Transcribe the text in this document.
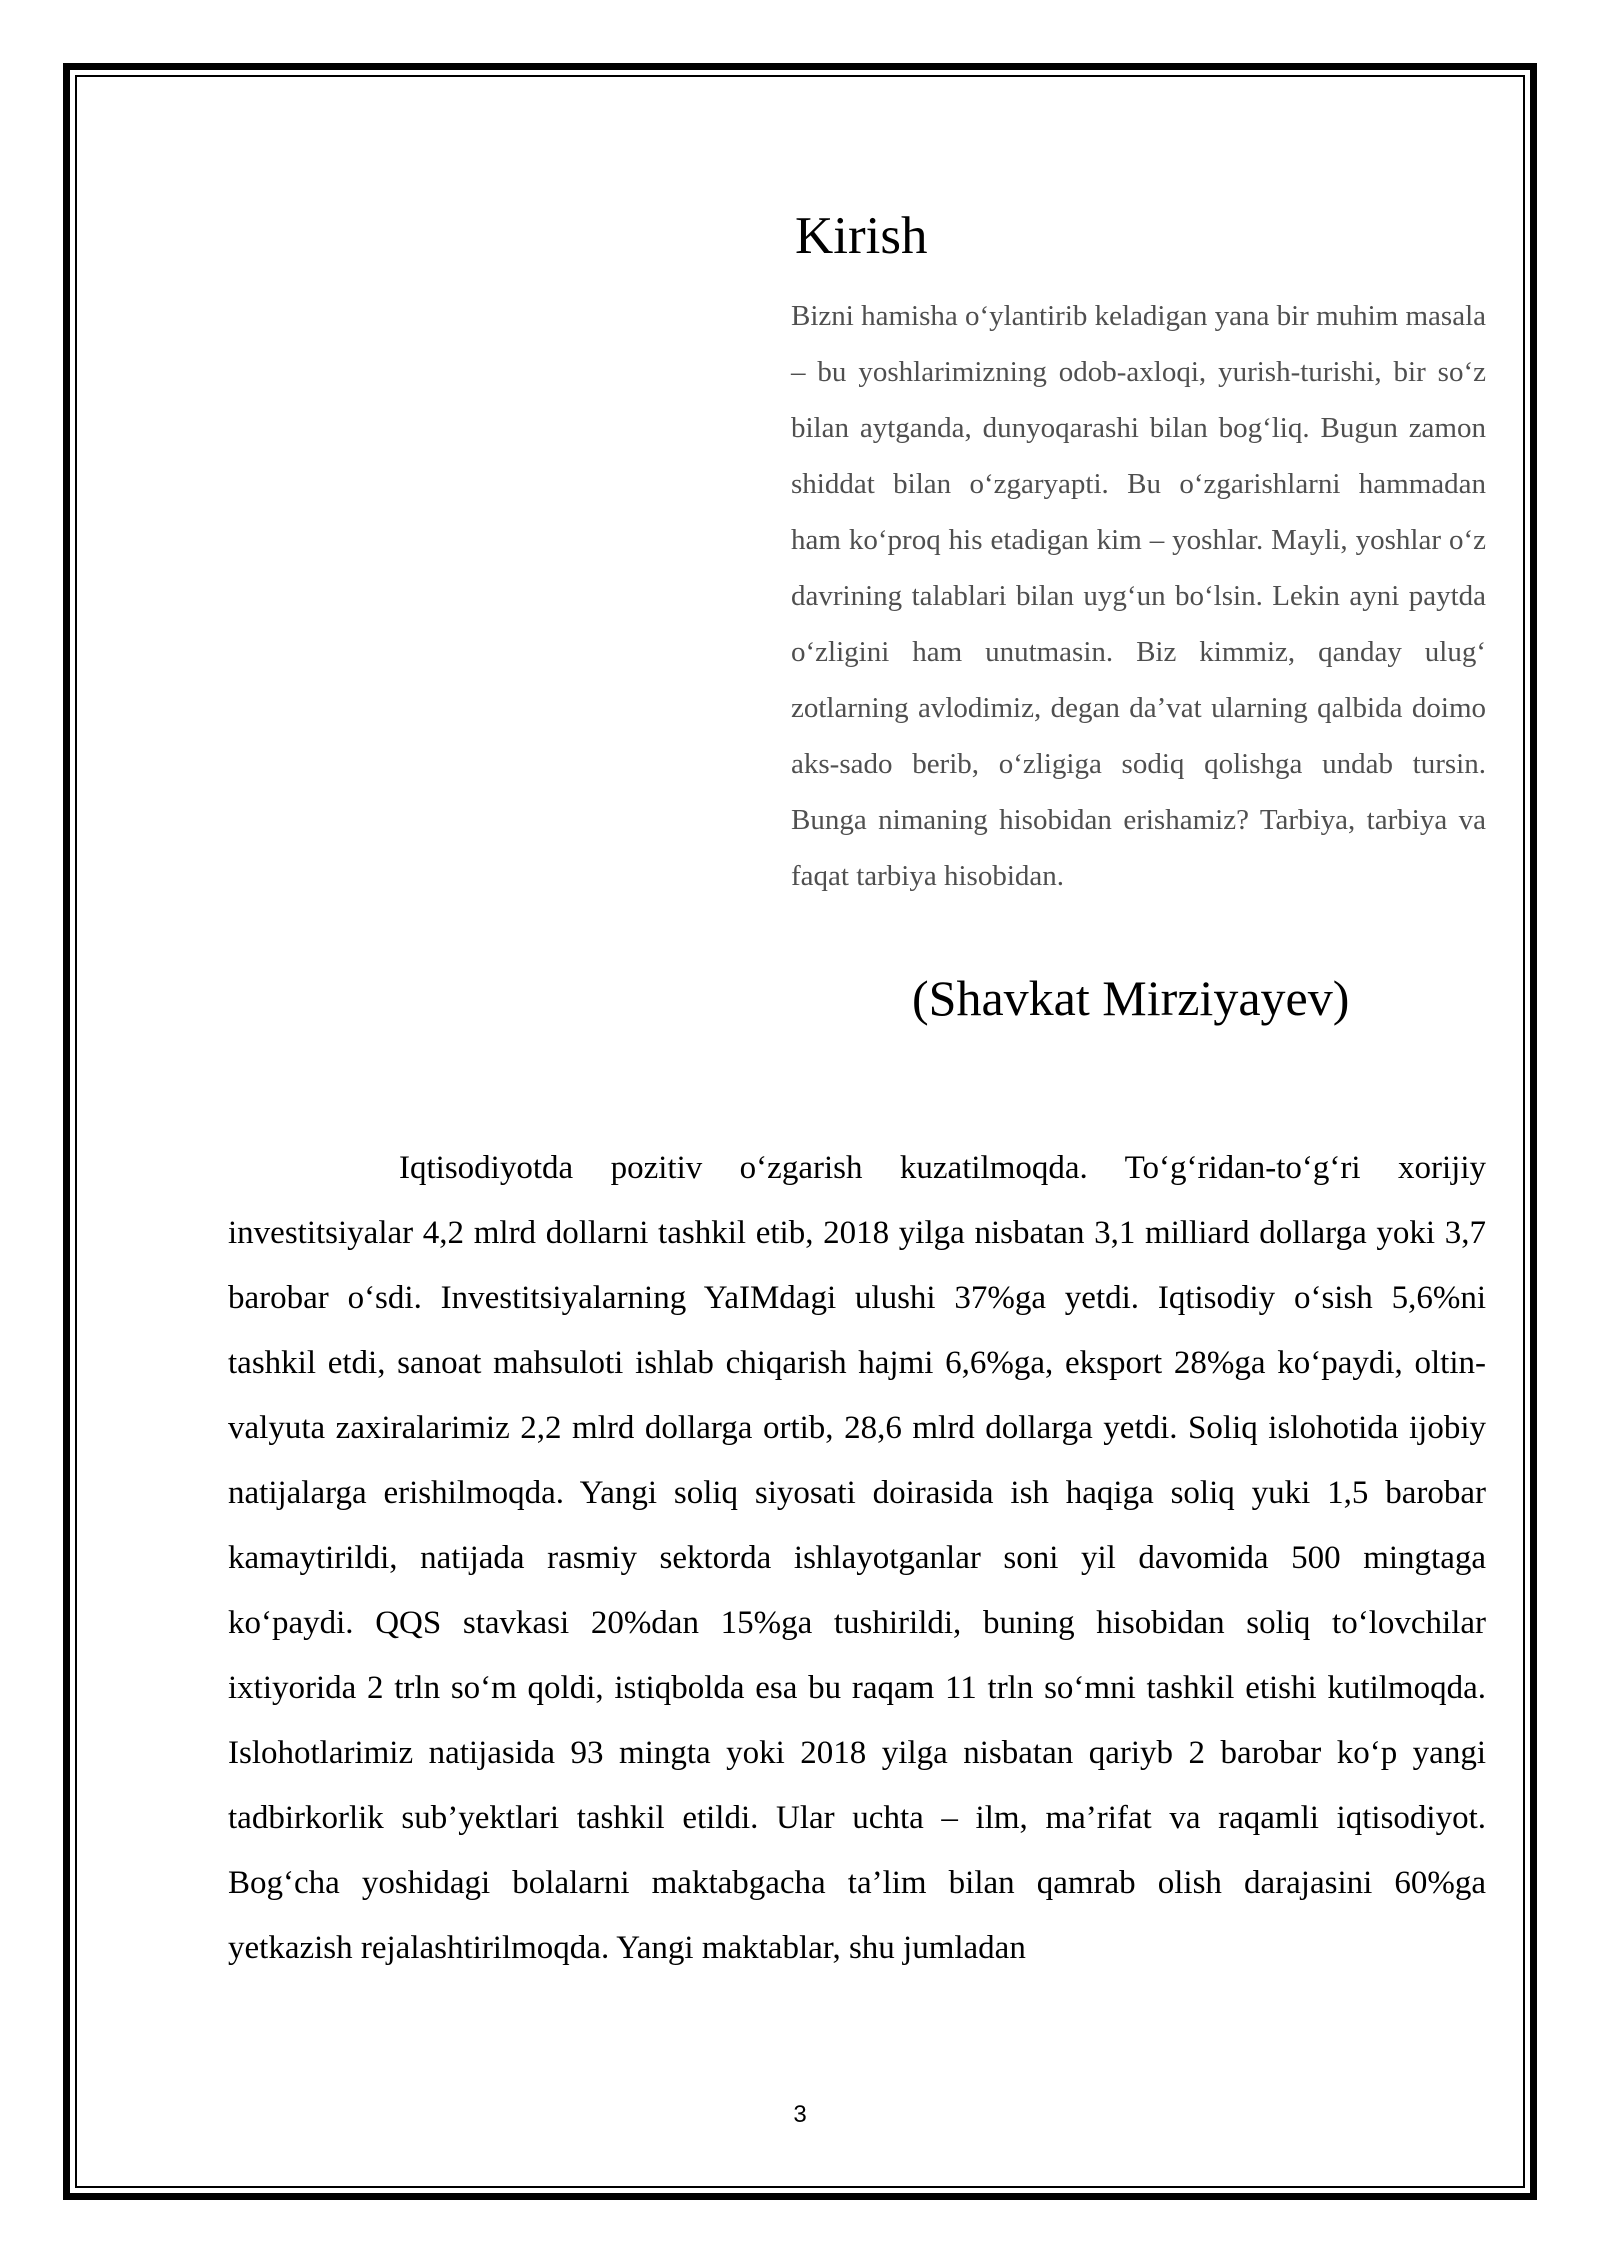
Kirish

Bizni hamisha o‘ylantirib keladigan yana bir muhim masala – bu yoshlarimizning odob-axloqi, yurish-turishi, bir so‘z bilan aytganda, dunyoqarashi bilan bog‘liq. Bugun zamon shiddat bilan o‘zgaryapti. Bu o‘zgarishlarni hammadan ham ko‘proq his etadigan kim – yoshlar. Mayli, yoshlar o‘z davrining talablari bilan uyg‘un bo‘lsin. Lekin ayni paytda o‘zligini ham unutmasin. Biz kimmiz, qanday ulug‘ zotlarning avlodimiz, degan da’vat ularning qalbida doimo aks-sado berib, o‘zligiga sodiq qolishga undab tursin. Bunga nimaning hisobidan erishamiz? Tarbiya, tarbiya va faqat tarbiya hisobidan.

(Shavkat Mirziyayev)

Iqtisodiyotda pozitiv o‘zgarish kuzatilmoqda. To‘g‘ridan-to‘g‘ri xorijiy investitsiyalar 4,2 mlrd dollarni tashkil etib, 2018 yilga nisbatan 3,1 milliard dollarga yoki 3,7 barobar o‘sdi. Investitsiyalarning YaIMdagi ulushi 37%ga yetdi. Iqtisodiy o‘sish 5,6%ni tashkil etdi, sanoat mahsuloti ishlab chiqarish hajmi 6,6%ga, eksport 28%ga ko‘paydi, oltin-valyuta zaxiralarimiz 2,2 mlrd dollarga ortib, 28,6 mlrd dollarga yetdi. Soliq islohotida ijobiy natijalarga erishilmoqda. Yangi soliq siyosati doirasida ish haqiga soliq yuki 1,5 barobar kamaytirildi, natijada rasmiy sektorda ishlayotganlar soni yil davomida 500 mingtaga ko‘paydi. QQS stavkasi 20%dan 15%ga tushirildi, buning hisobidan soliq to‘lovchilar ixtiyorida 2 trln so‘m qoldi, istiqbolda esa bu raqam 11 trln so‘mni tashkil etishi kutilmoqda. Islohotlarimiz natijasida 93 mingta yoki 2018 yilga nisbatan qariyb 2 barobar ko‘p yangi tadbirkorlik sub’yektlari tashkil etildi. Ular uchta – ilm, ma’rifat va raqamli iqtisodiyot. Bog‘cha yoshidagi bolalarni maktabgacha ta’lim bilan qamrab olish darajasini 60%ga yetkazish rejalashtirilmoqda. Yangi maktablar, shu jumladan

3
